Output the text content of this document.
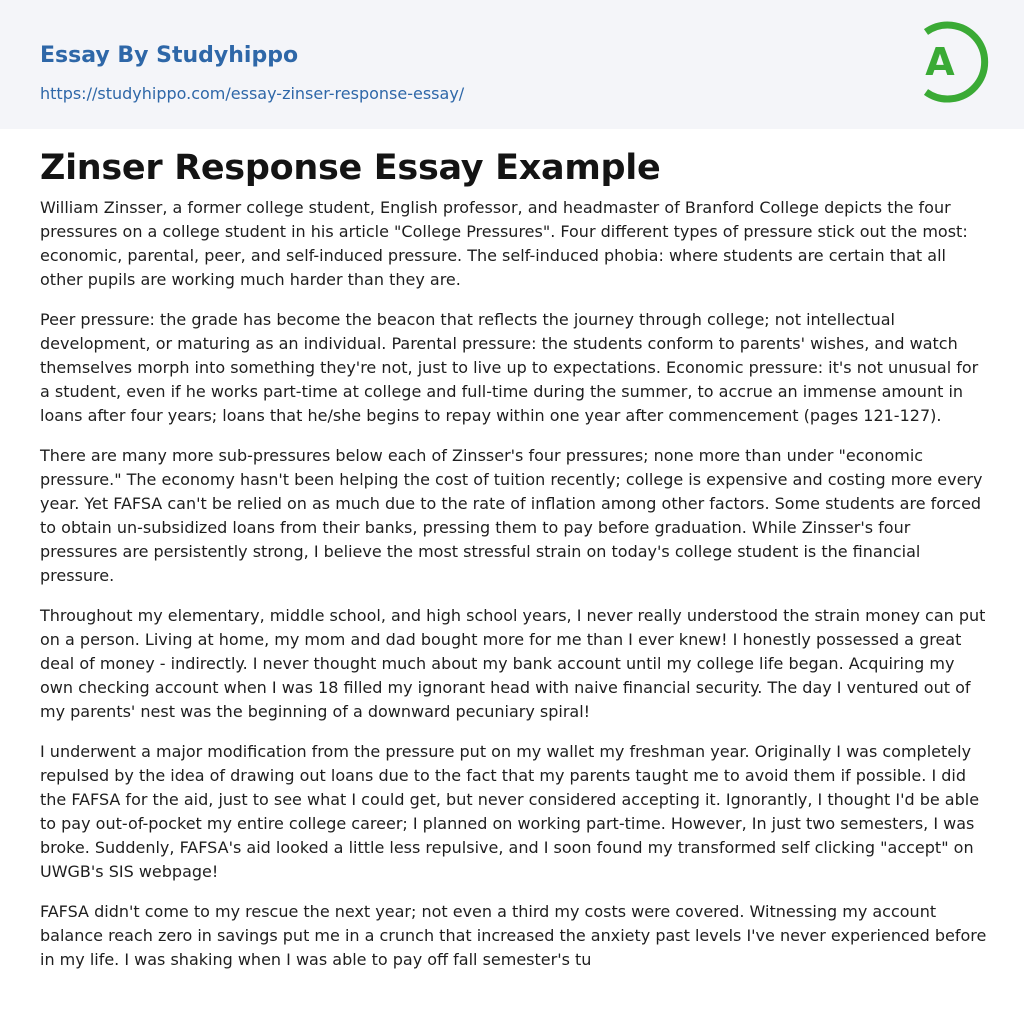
Essay By Studyhippo
https://studyhippo.com/essay-zinser-response-essay/
A
Zinser Response Essay Example

William Zinsser, a former college student, English professor, and headmaster of Branford College depicts the four pressures on a college student in his article "College Pressures". Four different types of pressure stick out the most: economic, parental, peer, and self-induced pressure. The self-induced phobia: where students are certain that all other pupils are working much harder than they are.

Peer pressure: the grade has become the beacon that reflects the journey through college; not intellectual development, or maturing as an individual. Parental pressure: the students conform to parents' wishes, and watch themselves morph into something they're not, just to live up to expectations. Economic pressure: it's not unusual for a student, even if he works part-time at college and full-time during the summer, to accrue an immense amount in loans after four years; loans that he/she begins to repay within one year after commencement (pages 121-127).

There are many more sub-pressures below each of Zinsser's four pressures; none more than under "economic pressure." The economy hasn't been helping the cost of tuition recently; college is expensive and costing more every year. Yet FAFSA can't be relied on as much due to the rate of inflation among other factors. Some students are forced to obtain un-subsidized loans from their banks, pressing them to pay before graduation. While Zinsser's four pressures are persistently strong, I believe the most stressful strain on today's college student is the financial pressure.

Throughout my elementary, middle school, and high school years, I never really understood the strain money can put on a person. Living at home, my mom and dad bought more for me than I ever knew! I honestly possessed a great deal of money - indirectly. I never thought much about my bank account until my college life began. Acquiring my own checking account when I was 18 filled my ignorant head with naive financial security. The day I ventured out of my parents' nest was the beginning of a downward pecuniary spiral!

I underwent a major modification from the pressure put on my wallet my freshman year. Originally I was completely repulsed by the idea of drawing out loans due to the fact that my parents taught me to avoid them if possible. I did the FAFSA for the aid, just to see what I could get, but never considered accepting it. Ignorantly, I thought I'd be able to pay out-of-pocket my entire college career; I planned on working part-time. However, In just two semesters, I was broke. Suddenly, FAFSA's aid looked a little less repulsive, and I soon found my transformed self clicking "accept" on UWGB's SIS webpage!

FAFSA didn't come to my rescue the next year; not even a third my costs were covered. Witnessing my account balance reach zero in savings put me in a crunch that increased the anxiety past levels I've never experienced before in my life. I was shaking when I was able to pay off fall semester's tu
